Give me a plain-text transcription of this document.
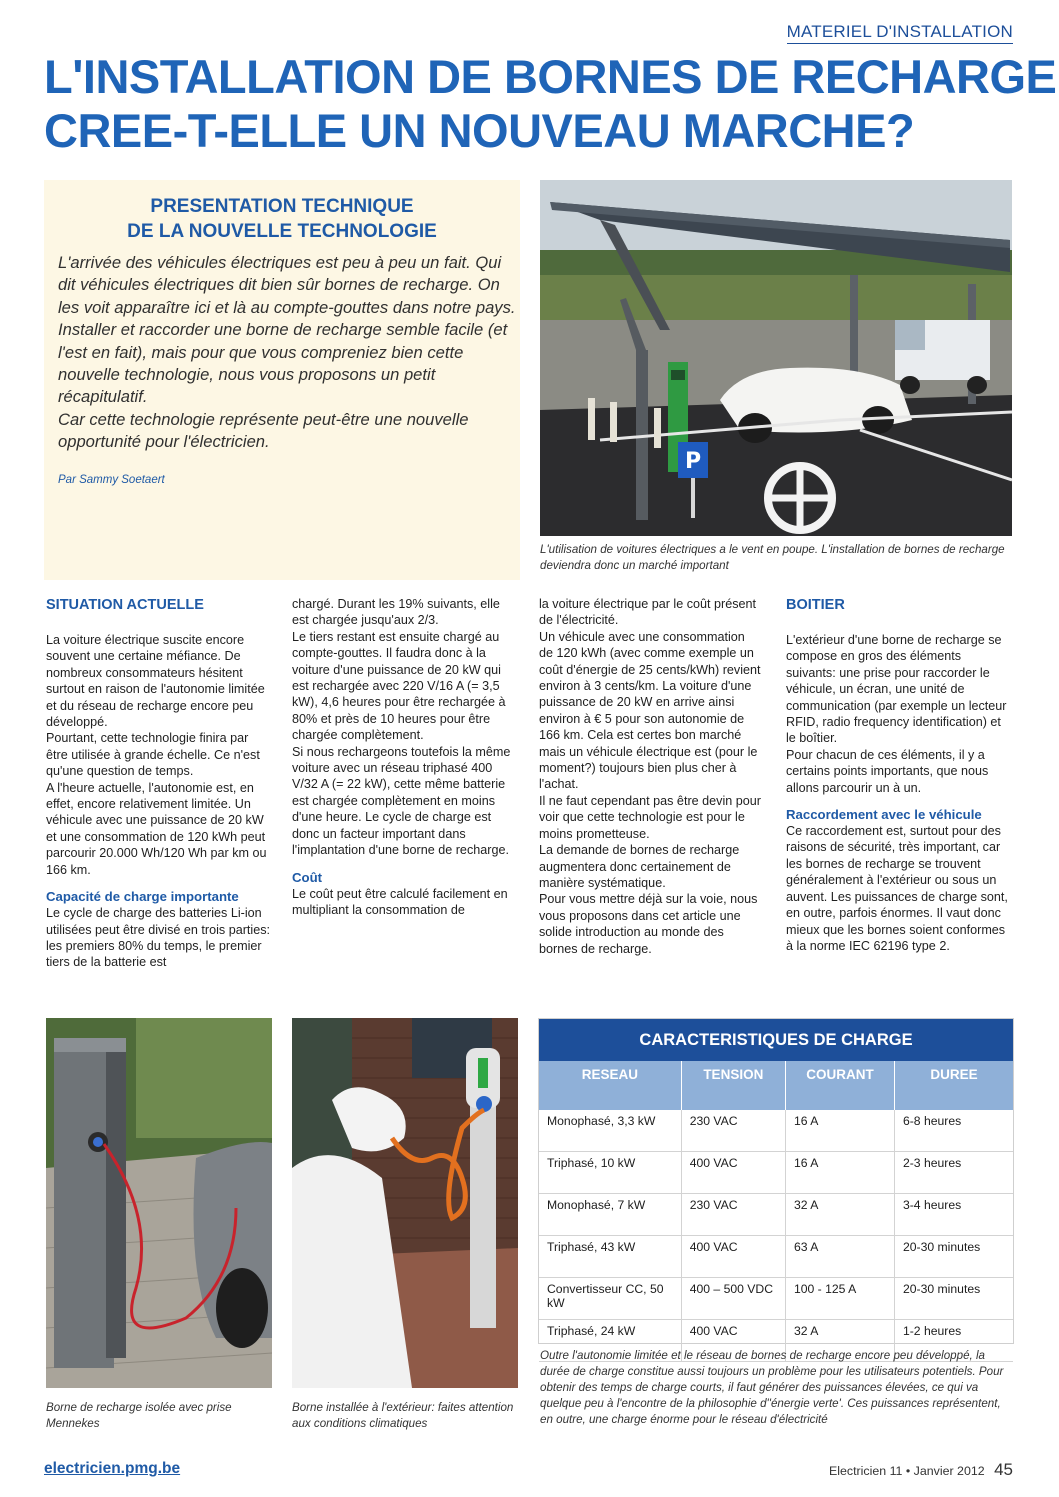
MATERIEL D'INSTALLATION
L'INSTALLATION DE BORNES DE RECHARGE
CREE-T-ELLE UN NOUVEAU MARCHE?
PRESENTATION TECHNIQUE
DE LA NOUVELLE TECHNOLOGIE

L'arrivée des véhicules électriques est peu à peu un fait. Qui dit véhicules électriques dit bien sûr bornes de recharge. On les voit apparaître ici et là au compte-gouttes dans notre pays.

Installer et raccorder une borne de recharge semble facile (et l'est en fait), mais pour que vous compreniez bien cette nouvelle technologie, nous vous proposons un petit récapitulatif.

Car cette technologie représente peut-être une nouvelle opportunité pour l'électricien.

Par Sammy Soetaert
P
L'utilisation de voitures électriques a le vent en poupe. L'installation de bornes de recharge deviendra donc un marché important
SITUATION ACTUELLE

La voiture électrique suscite encore souvent une certaine méfiance. De nombreux consommateurs hésitent surtout en raison de l'autonomie limitée et du réseau de recharge encore peu développé.

Pourtant, cette technologie finira par être utilisée à grande échelle. Ce n'est qu'une question de temps.

A l'heure actuelle, l'autonomie est, en effet, encore relativement limitée. Un véhicule avec une puissance de 20 kW et une consommation de 120 kWh peut parcourir 20.000 Wh/120 Wh par km ou 166 km.

Capacité de charge importante

Le cycle de charge des batteries Li-ion utilisées peut être divisé en trois parties: les premiers 80% du temps, le premier tiers de la batterie est

chargé. Durant les 19% suivants, elle est chargée jusqu'aux 2/3.

Le tiers restant est ensuite chargé au compte-gouttes. Il faudra donc à la voiture d'une puissance de 20 kW qui est rechargée avec 220 V/16 A (= 3,5 kW), 4,6 heures pour être rechargée à 80% et près de 10 heures pour être chargée complètement.

Si nous rechargeons toutefois la même voiture avec un réseau triphasé 400 V/32 A (= 22 kW), cette même batterie est chargée complètement en moins d'une heure. Le cycle de charge est donc un facteur important dans l'implantation d'une borne de recharge.

Coût

Le coût peut être calculé facilement en multipliant la consommation de

la voiture électrique par le coût présent de l'électricité.

Un véhicule avec une consommation de 120 kWh (avec comme exemple un coût d'énergie de 25 cents/kWh) revient environ à 3 cents/km. La voiture d'une puissance de 20 kW en arrive ainsi environ à € 5 pour son autonomie de 166 km. Cela est certes bon marché mais un véhicule électrique est (pour le moment?) toujours bien plus cher à l'achat.

Il ne faut cependant pas être devin pour voir que cette technologie est pour le moins prometteuse.

La demande de bornes de recharge augmentera donc certainement de manière systématique.

Pour vous mettre déjà sur la voie, nous vous proposons dans cet article une solide introduction au monde des bornes de recharge.

BOITIER

L'extérieur d'une borne de recharge se compose en gros des éléments suivants: une prise pour raccorder le véhicule, un écran, une unité de communication (par exemple un lecteur RFID, radio frequency identification) et le boîtier.

Pour chacun de ces éléments, il y a certains points importants, que nous allons parcourir un à un.

Raccordement avec le véhicule

Ce raccordement est, surtout pour des raisons de sécurité, très important, car les bornes de recharge se trouvent généralement à l'extérieur ou sous un auvent. Les puissances de charge sont, en outre, parfois énormes. Il vaut donc mieux que les bornes soient conformes à la norme IEC 62196 type 2.

Borne de recharge isolée avec prise Mennekes
Borne installée à l'extérieur: faites attention aux conditions climatiques
CARACTERISTIQUES DE CHARGE			
RESEAU	TENSION	COURANT	DUREE
Monophasé, 3,3 kW	230 VAC	16 A	6-8 heures
Triphasé, 10 kW	400 VAC	16 A	2-3 heures
Monophasé, 7 kW	230 VAC	32 A	3-4 heures
Triphasé, 43 kW	400 VAC	63 A	20-30 minutes
Convertisseur CC, 50 kW	400 – 500 VDC	100 - 125 A	20-30 minutes
Triphasé, 24 kW	400 VAC	32 A	1-2 heures
Outre l'autonomie limitée et le réseau de bornes de recharge encore peu développé, la durée de charge constitue aussi toujours un problème pour les utilisateurs potentiels. Pour obtenir des temps de charge courts, il faut générer des puissances élevées, ce qui va quelque peu à l'encontre de la philosophie d''énergie verte'. Ces puissances représentent, en outre, une charge énorme pour le réseau d'électricité
electricien.pmg.be	Electricien 11 • Janvier 2012 45
